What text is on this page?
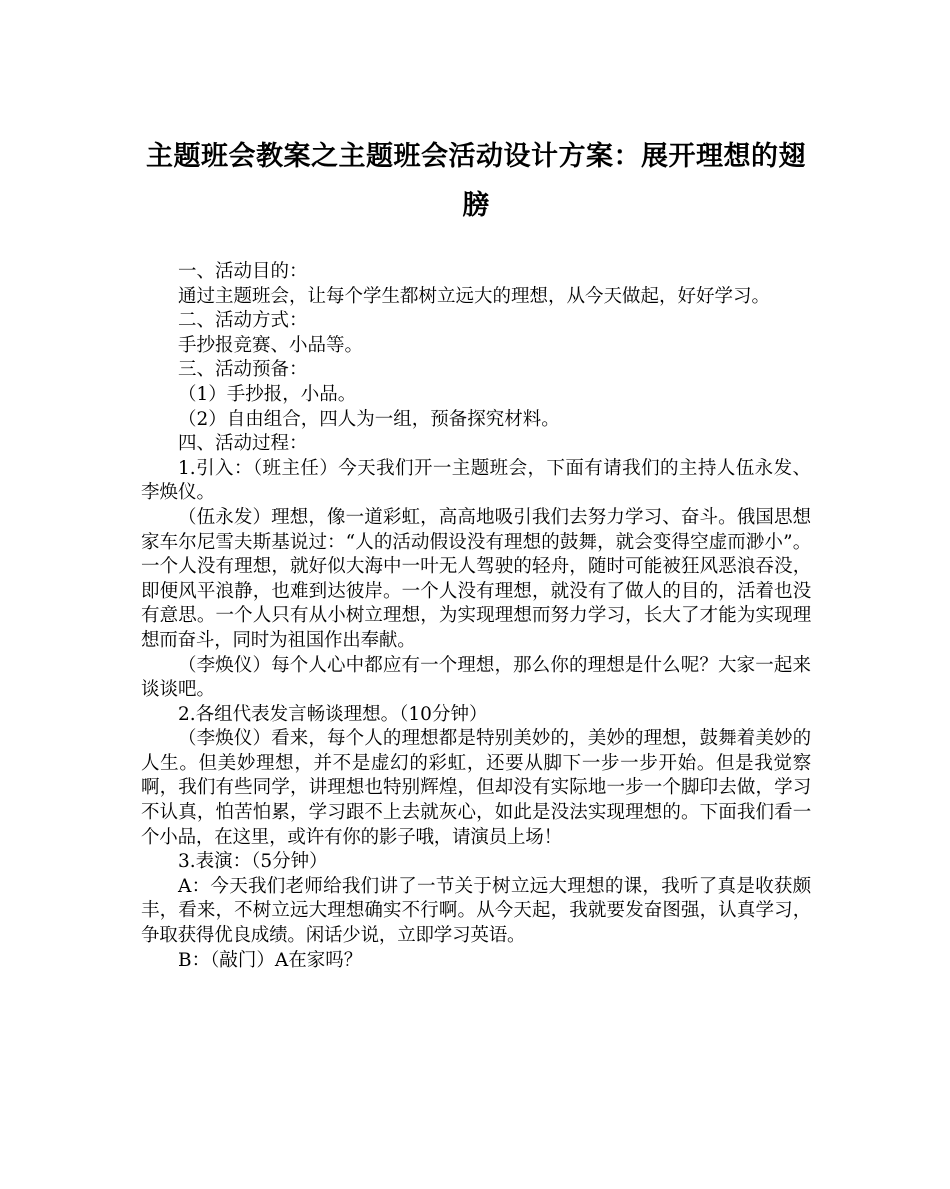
主题班会教案之主题班会活动设计方案：展开理想的翅膀

一、活动目的：

通过主题班会，让每个学生都树立远大的理想，从今天做起，好好学习。

二、活动方式：

手抄报竞赛、小品等。

三、活动预备：

（1）手抄报，小品。

（2）自由组合，四人为一组，预备探究材料。

四、活动过程：

1.引入：（班主任）今天我们开一主题班会，下面有请我们的主持人伍永发、李焕仪。

（伍永发）理想，像一道彩虹，高高地吸引我们去努力学习、奋斗。俄国思想家车尔尼雪夫斯基说过：“人的活动假设没有理想的鼓舞，就会变得空虚而渺小”。一个人没有理想，就好似大海中一叶无人驾驶的轻舟，随时可能被狂风恶浪吞没，即便风平浪静，也难到达彼岸。一个人没有理想，就没有了做人的目的，活着也没有意思。一个人只有从小树立理想，为实现理想而努力学习，长大了才能为实现理想而奋斗，同时为祖国作出奉献。

（李焕仪）每个人心中都应有一个理想，那么你的理想是什么呢？大家一起来谈谈吧。

2.各组代表发言畅谈理想。（10分钟）

（李焕仪）看来，每个人的理想都是特别美妙的，美妙的理想，鼓舞着美妙的人生。但美妙理想，并不是虚幻的彩虹，还要从脚下一步一步开始。但是我觉察啊，我们有些同学，讲理想也特别辉煌，但却没有实际地一步一个脚印去做，学习不认真，怕苦怕累，学习跟不上去就灰心，如此是没法实现理想的。下面我们看一个小品，在这里，或许有你的影子哦，请演员上场！

3.表演：（5分钟）

A：今天我们老师给我们讲了一节关于树立远大理想的课，我听了真是收获颇丰，看来，不树立远大理想确实不行啊。从今天起，我就要发奋图强，认真学习，争取获得优良成绩。闲话少说，立即学习英语。

B：（敲门）A在家吗？
